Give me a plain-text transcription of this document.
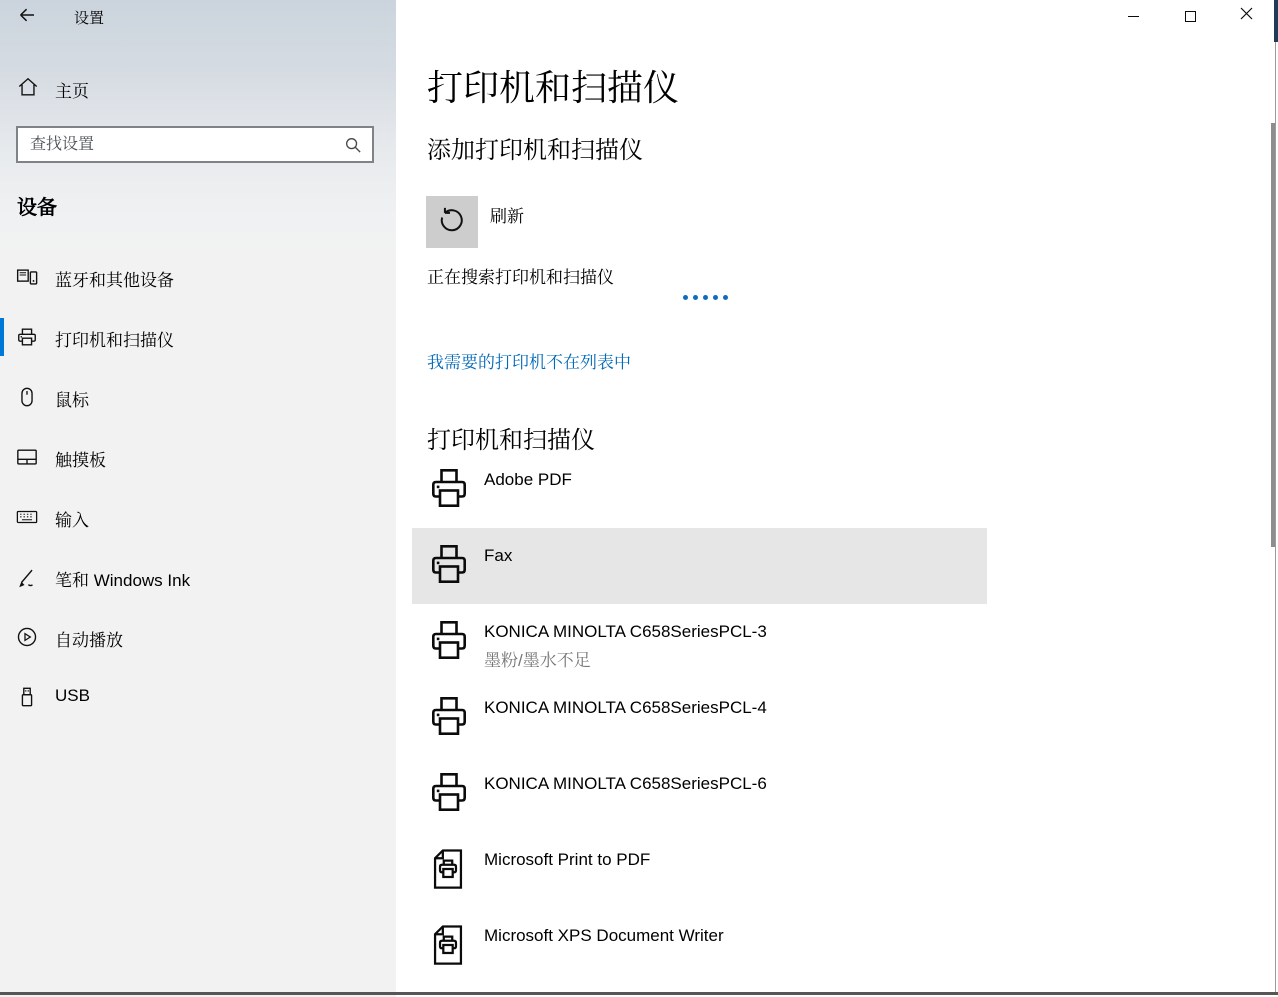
设置
主页
查找设置
设备
蓝牙和其他设备
打印机和扫描仪
鼠标
触摸板
输入
笔和 Windows Ink
自动播放
USB
打印机和扫描仪
添加打印机和扫描仪
刷新
正在搜索打印机和扫描仪
我需要的打印机不在列表中
打印机和扫描仪
Adobe PDF
Fax
KONICA MINOLTA C658SeriesPCL-3
墨粉/墨水不足
KONICA MINOLTA C658SeriesPCL-4
KONICA MINOLTA C658SeriesPCL-6
Microsoft Print to PDF
Microsoft XPS Document Writer
